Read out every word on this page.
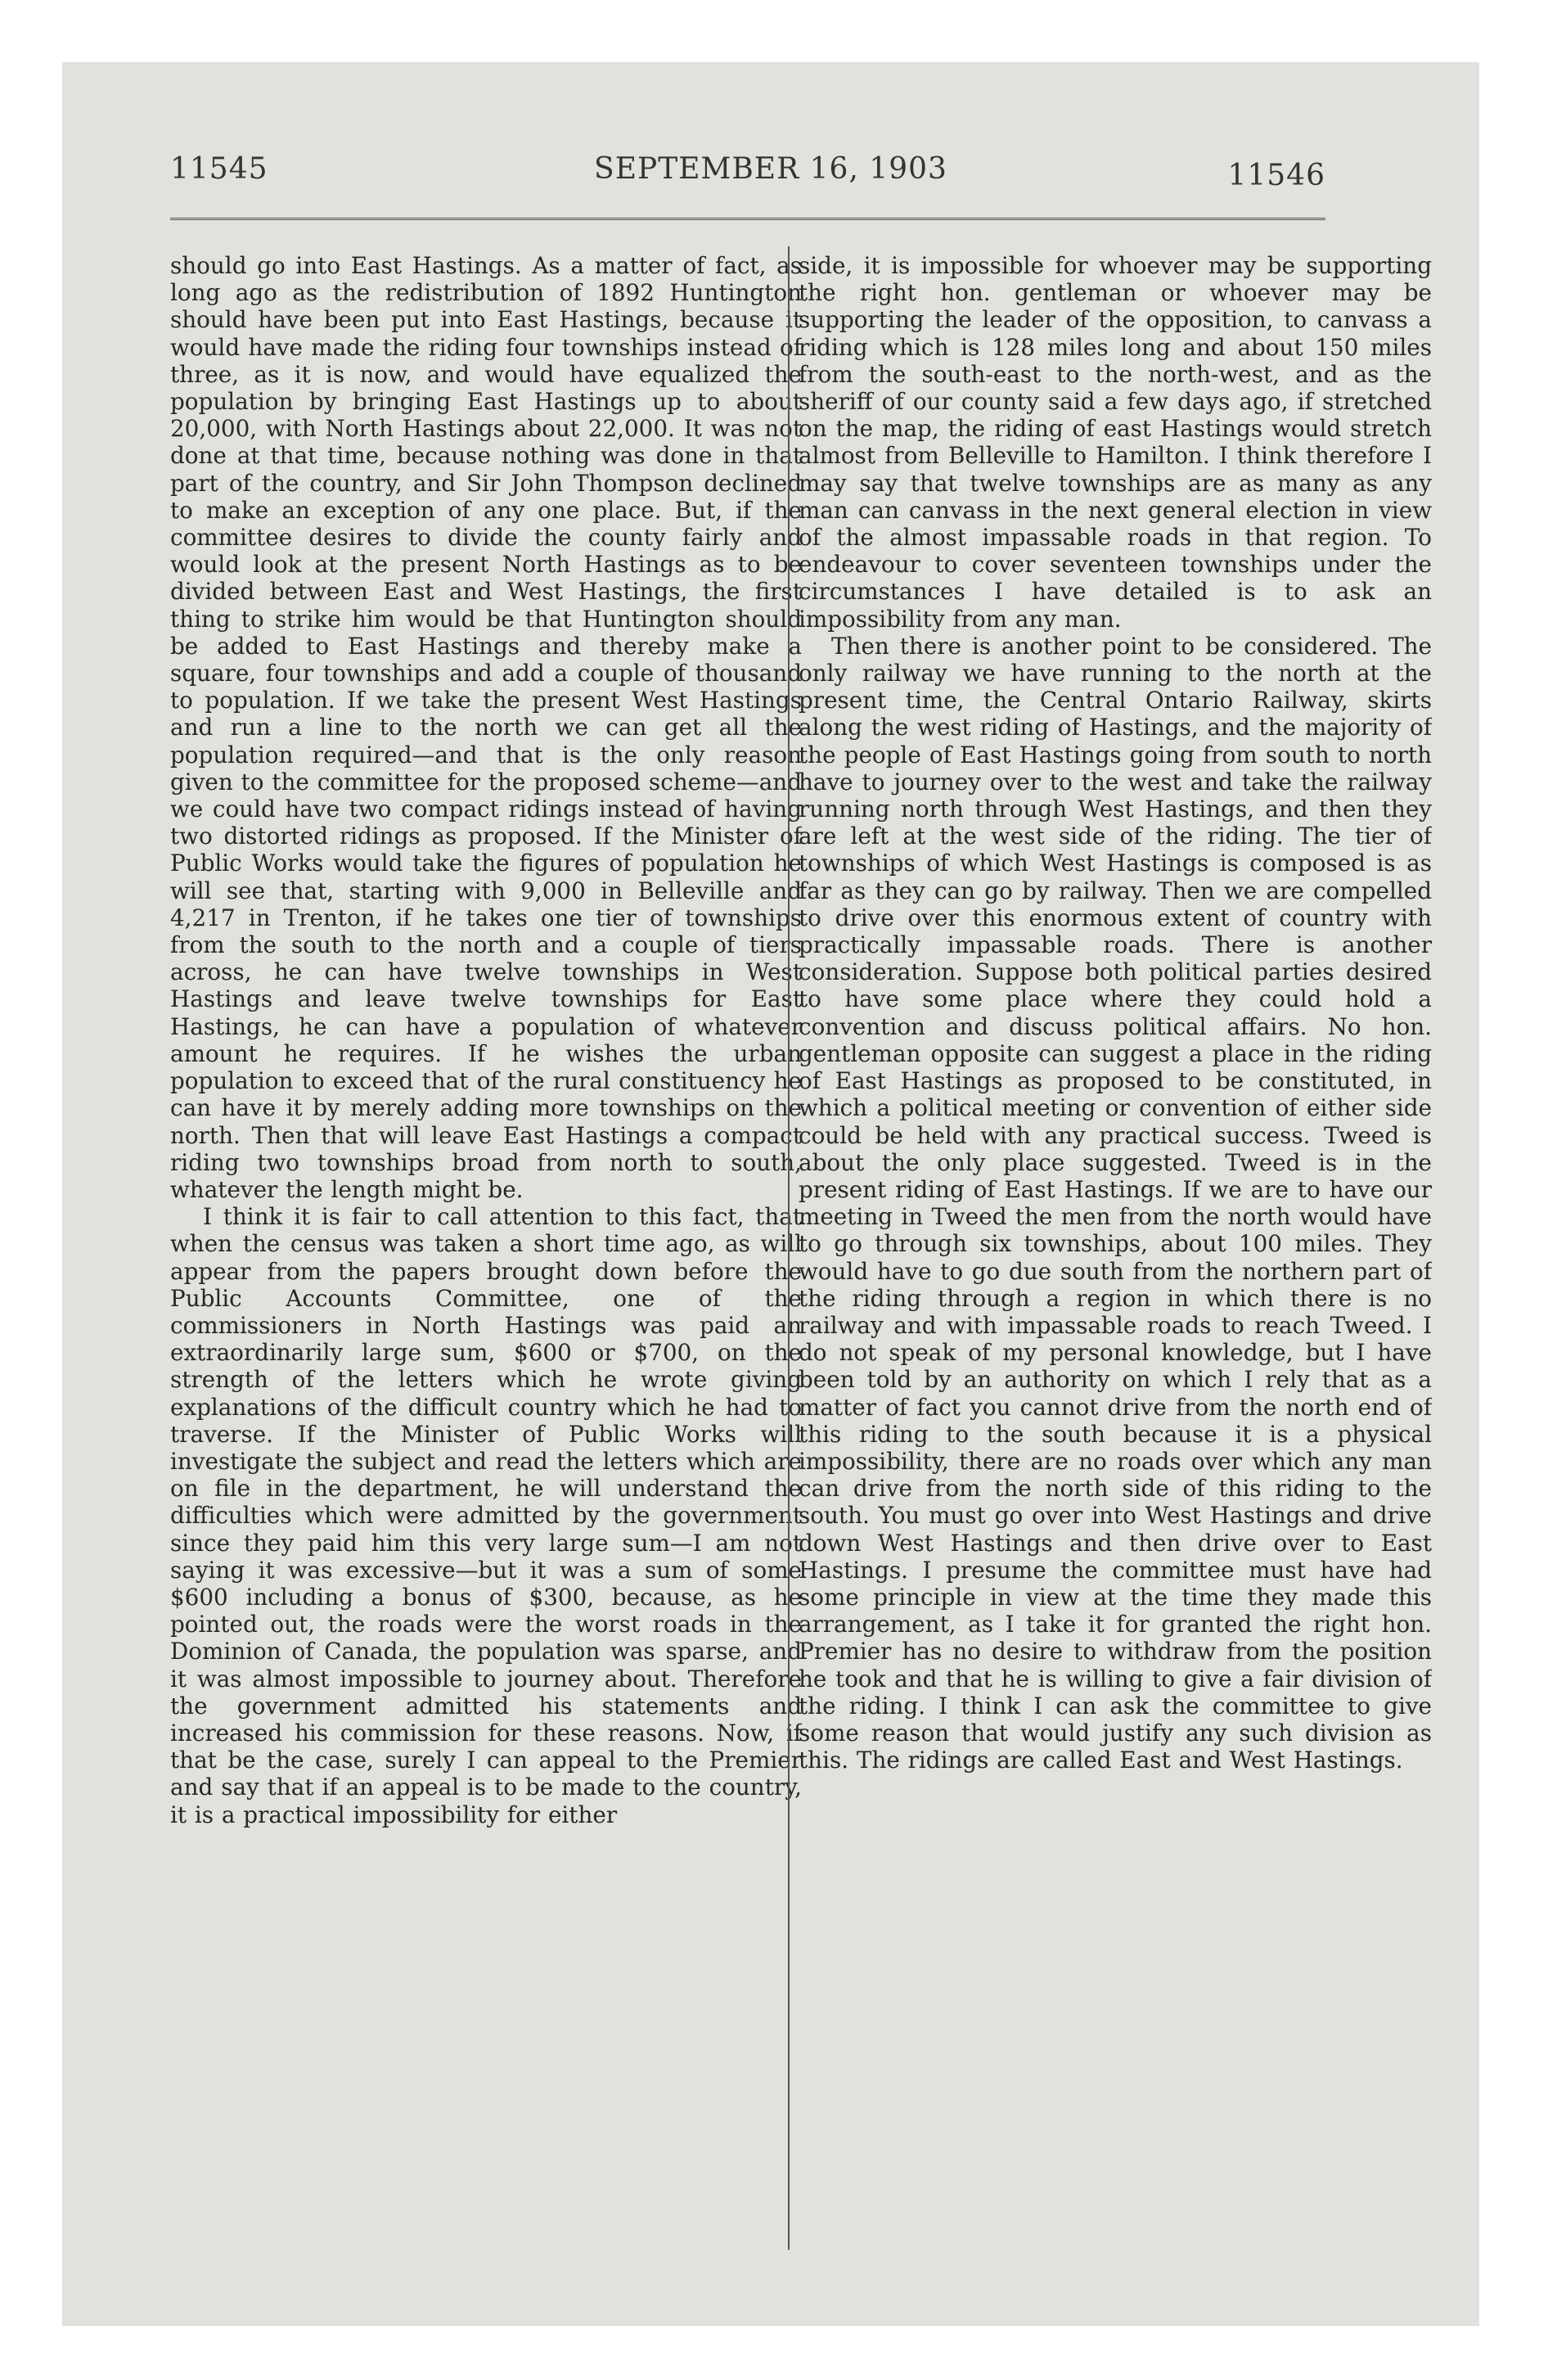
11545	SEPTEMBER 16, 1903	11546

should go into East Hastings. As a matter of fact, as long ago as the redistribution of 1892 Huntington should have been put into East Hastings, because it would have made the riding four townships instead of three, as it is now, and would have equalized the population by bringing East Hastings up to about 20,000, with North Hastings about 22,000. It was not done at that time, because nothing was done in that part of the country, and Sir John Thompson declined to make an exception of any one place. But, if the committee desires to divide the county fairly and would look at the present North Hastings as to be divided between East and West Hastings, the first thing to strike him would be that Huntington should be added to East Hastings and thereby make a square, four townships and add a couple of thousand to population. If we take the present West Hastings and run a line to the north we can get all the population required—and that is the only reason given to the committee for the proposed scheme—and we could have two compact ridings instead of having two distorted ridings as proposed. If the Minister of Public Works would take the figures of population he will see that, starting with 9,000 in Belleville and 4,217 in Trenton, if he takes one tier of townships from the south to the north and a couple of tiers across, he can have twelve townships in West Hastings and leave twelve townships for East Hastings, he can have a population of whatever amount he requires. If he wishes the urban population to exceed that of the rural constituency he can have it by merely adding more townships on the north. Then that will leave East Hastings a compact riding two townships broad from north to south, whatever the length might be.

I think it is fair to call attention to this fact, that when the census was taken a short time ago, as will appear from the papers brought down before the Public Accounts Committee, one of the commissioners in North Hastings was paid an extraordinarily large sum, $600 or $700, on the strength of the letters which he wrote giving explanations of the difficult country which he had to traverse. If the Minister of Public Works will investigate the subject and read the letters which are on file in the department, he will understand the difficulties which were admitted by the government since they paid him this very large sum—I am not saying it was excessive—but it was a sum of some $600 including a bonus of $300, because, as he pointed out, the roads were the worst roads in the Dominion of Canada, the population was sparse, and it was almost impossible to journey about. Therefore the government admitted his statements and increased his commission for these reasons. Now, if that be the case, surely I can appeal to the Premier and say that if an appeal is to be made to the country, it is a practical impossibility for either

side, it is impossible for whoever may be supporting the right hon. gentleman or whoever may be supporting the leader of the opposition, to canvass a riding which is 128 miles long and about 150 miles from the south-east to the north-west, and as the sheriff of our county said a few days ago, if stretched on the map, the riding of east Hastings would stretch almost from Belleville to Hamilton. I think therefore I may say that twelve townships are as many as any man can canvass in the next general election in view of the almost impassable roads in that region. To endeavour to cover seventeen townships under the circumstances I have detailed is to ask an impossibility from any man.

Then there is another point to be considered. The only railway we have running to the north at the present time, the Central Ontario Railway, skirts along the west riding of Hastings, and the majority of the people of East Hastings going from south to north have to journey over to the west and take the railway running north through West Hastings, and then they are left at the west side of the riding. The tier of townships of which West Hastings is composed is as far as they can go by railway. Then we are compelled to drive over this enormous extent of country with practically impassable roads. There is another consideration. Suppose both political parties desired to have some place where they could hold a convention and discuss political affairs. No hon. gentleman opposite can suggest a place in the riding of East Hastings as proposed to be constituted, in which a political meeting or convention of either side could be held with any practical success. Tweed is about the only place suggested. Tweed is in the present riding of East Hastings. If we are to have our meeting in Tweed the men from the north would have to go through six townships, about 100 miles. They would have to go due south from the northern part of the riding through a region in which there is no railway and with impassable roads to reach Tweed. I do not speak of my personal knowledge, but I have been told by an authority on which I rely that as a matter of fact you cannot drive from the north end of this riding to the south because it is a physical impossibility, there are no roads over which any man can drive from the north side of this riding to the south. You must go over into West Hastings and drive down West Hastings and then drive over to East Hastings. I presume the committee must have had some principle in view at the time they made this arrangement, as I take it for granted the right hon. Premier has no desire to withdraw from the position he took and that he is willing to give a fair division of the riding. I think I can ask the committee to give some reason that would justify any such division as this. The ridings are called East and West Hastings.
